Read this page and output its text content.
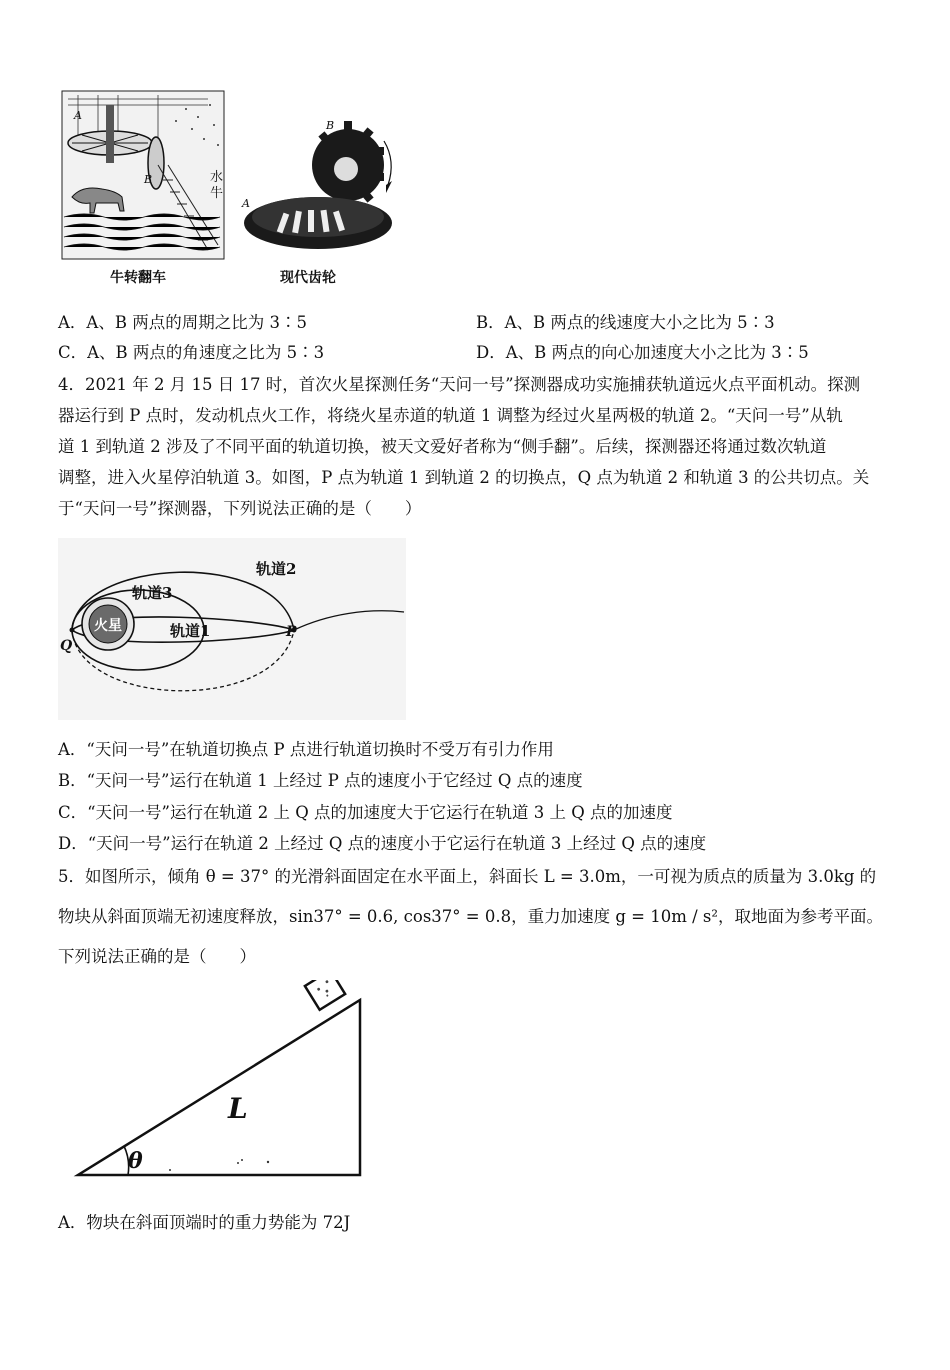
A
B	水
牛
牛转翻车
A
B
现代齿轮
A．A、B 两点的周期之比为 3∶5	B．A、B 两点的线速度大小之比为 5∶3
C．A、B 两点的角速度之比为 5∶3	D．A、B 两点的向心加速度大小之比为 3∶5
4．2021 年 2 月 15 日 17 时，首次火星探测任务“天问一号”探测器成功实施捕获轨道远火点平面机动。探测
器运行到 P 点时，发动机点火工作，将绕火星赤道的轨道 1 调整为经过火星两极的轨道 2。“天问一号”从轨
道 1 到轨道 2 涉及了不同平面的轨道切换，被天文爱好者称为“侧手翻”。后续，探测器还将通过数次轨道
调整，进入火星停泊轨道 3。如图，P 点为轨道 1 到轨道 2 的切换点，Q 点为轨道 2 和轨道 3 的公共切点。关
于“天问一号”探测器，下列说法正确的是（　　）
火星	轨道1
轨道2
轨道3
P
Q
A．“天问一号”在轨道切换点 P 点进行轨道切换时不受万有引力作用
B．“天问一号”运行在轨道 1 上经过 P 点的速度小于它经过 Q 点的速度
C．“天问一号”运行在轨道 2 上 Q 点的加速度大于它运行在轨道 3 上 Q 点的加速度
D．“天问一号”运行在轨道 2 上经过 Q 点的速度小于它运行在轨道 3 上经过 Q 点的速度
5．如图所示，倾角 θ = 37° 的光滑斜面固定在水平面上，斜面长 L = 3.0m，一可视为质点的质量为 3.0kg 的
物块从斜面顶端无初速度释放，sin37° = 0.6, cos37° = 0.8，重力加速度 g = 10m / s²，取地面为参考平面。
下列说法正确的是（　　）
L
θ
A．物块在斜面顶端时的重力势能为 72J
